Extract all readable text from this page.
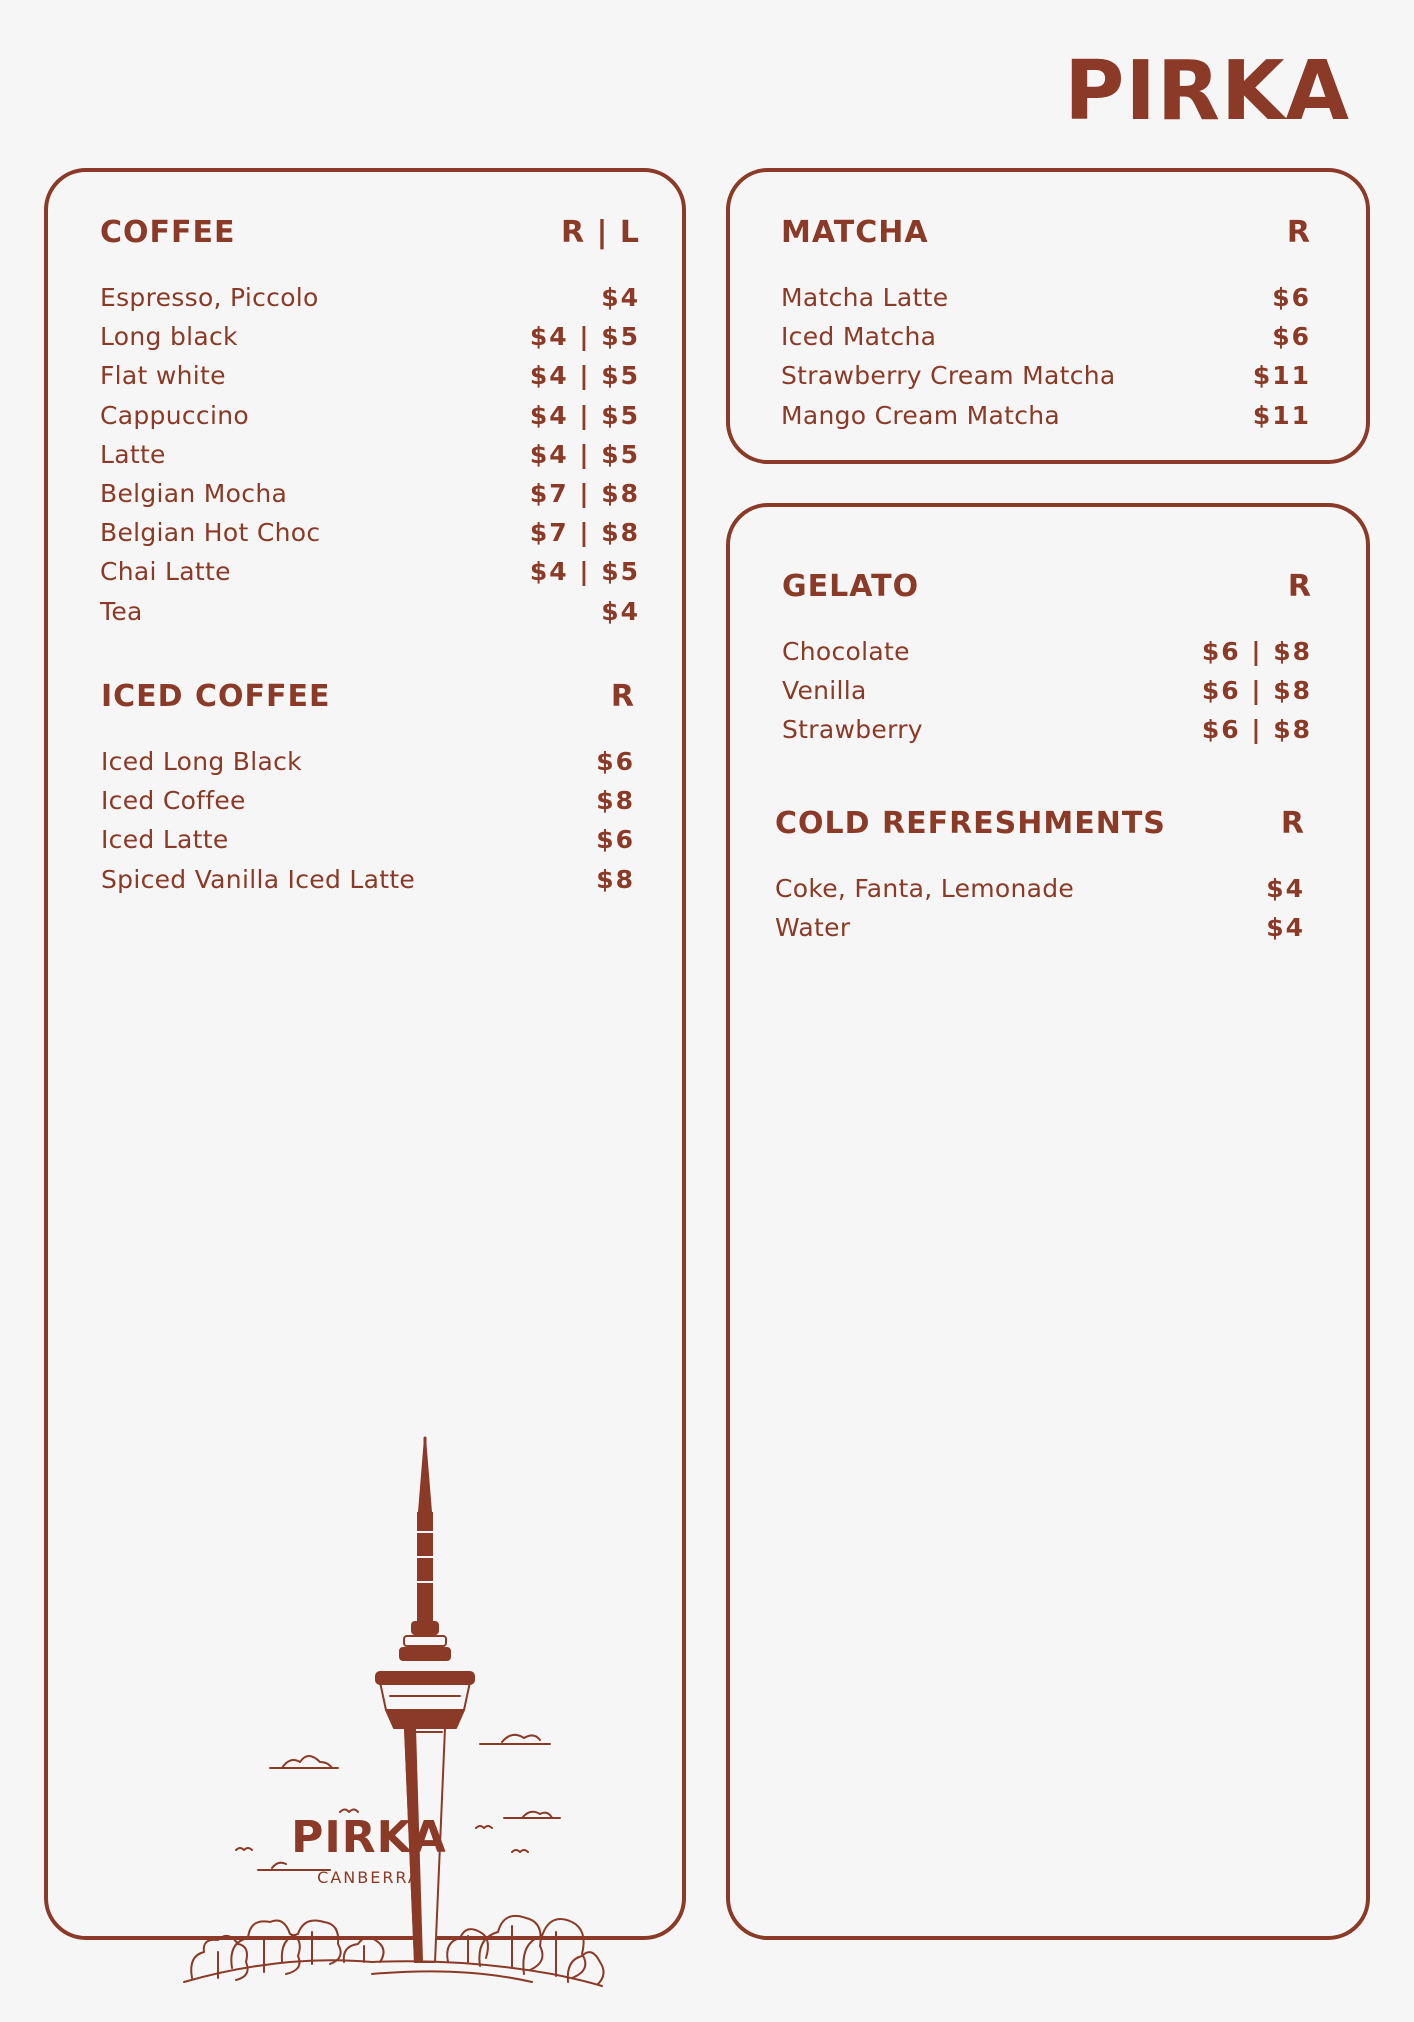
PIRKA
COFFEE	R | L
Espresso, Piccolo	$4
Long black	$4 | $5
Flat white	$4 | $5
Cappuccino	$4 | $5
Latte	$4 | $5
Belgian Mocha	$7 | $8
Belgian Hot Choc	$7 | $8
Chai Latte	$4 | $5
Tea	$4
ICED COFFEE	R
Iced Long Black	$6
Iced Coffee	$8
Iced Latte	$6
Spiced Vanilla Iced Latte	$8
PIRKA
CANBERRA
MATCHA	R
Matcha Latte	$6
Iced Matcha	$6
Strawberry Cream Matcha	$11
Mango Cream Matcha	$11
GELATO	R
Chocolate	$6 | $8
Venilla	$6 | $8
Strawberry	$6 | $8
COLD REFRESHMENTS	R
Coke, Fanta, Lemonade	$4
Water	$4
